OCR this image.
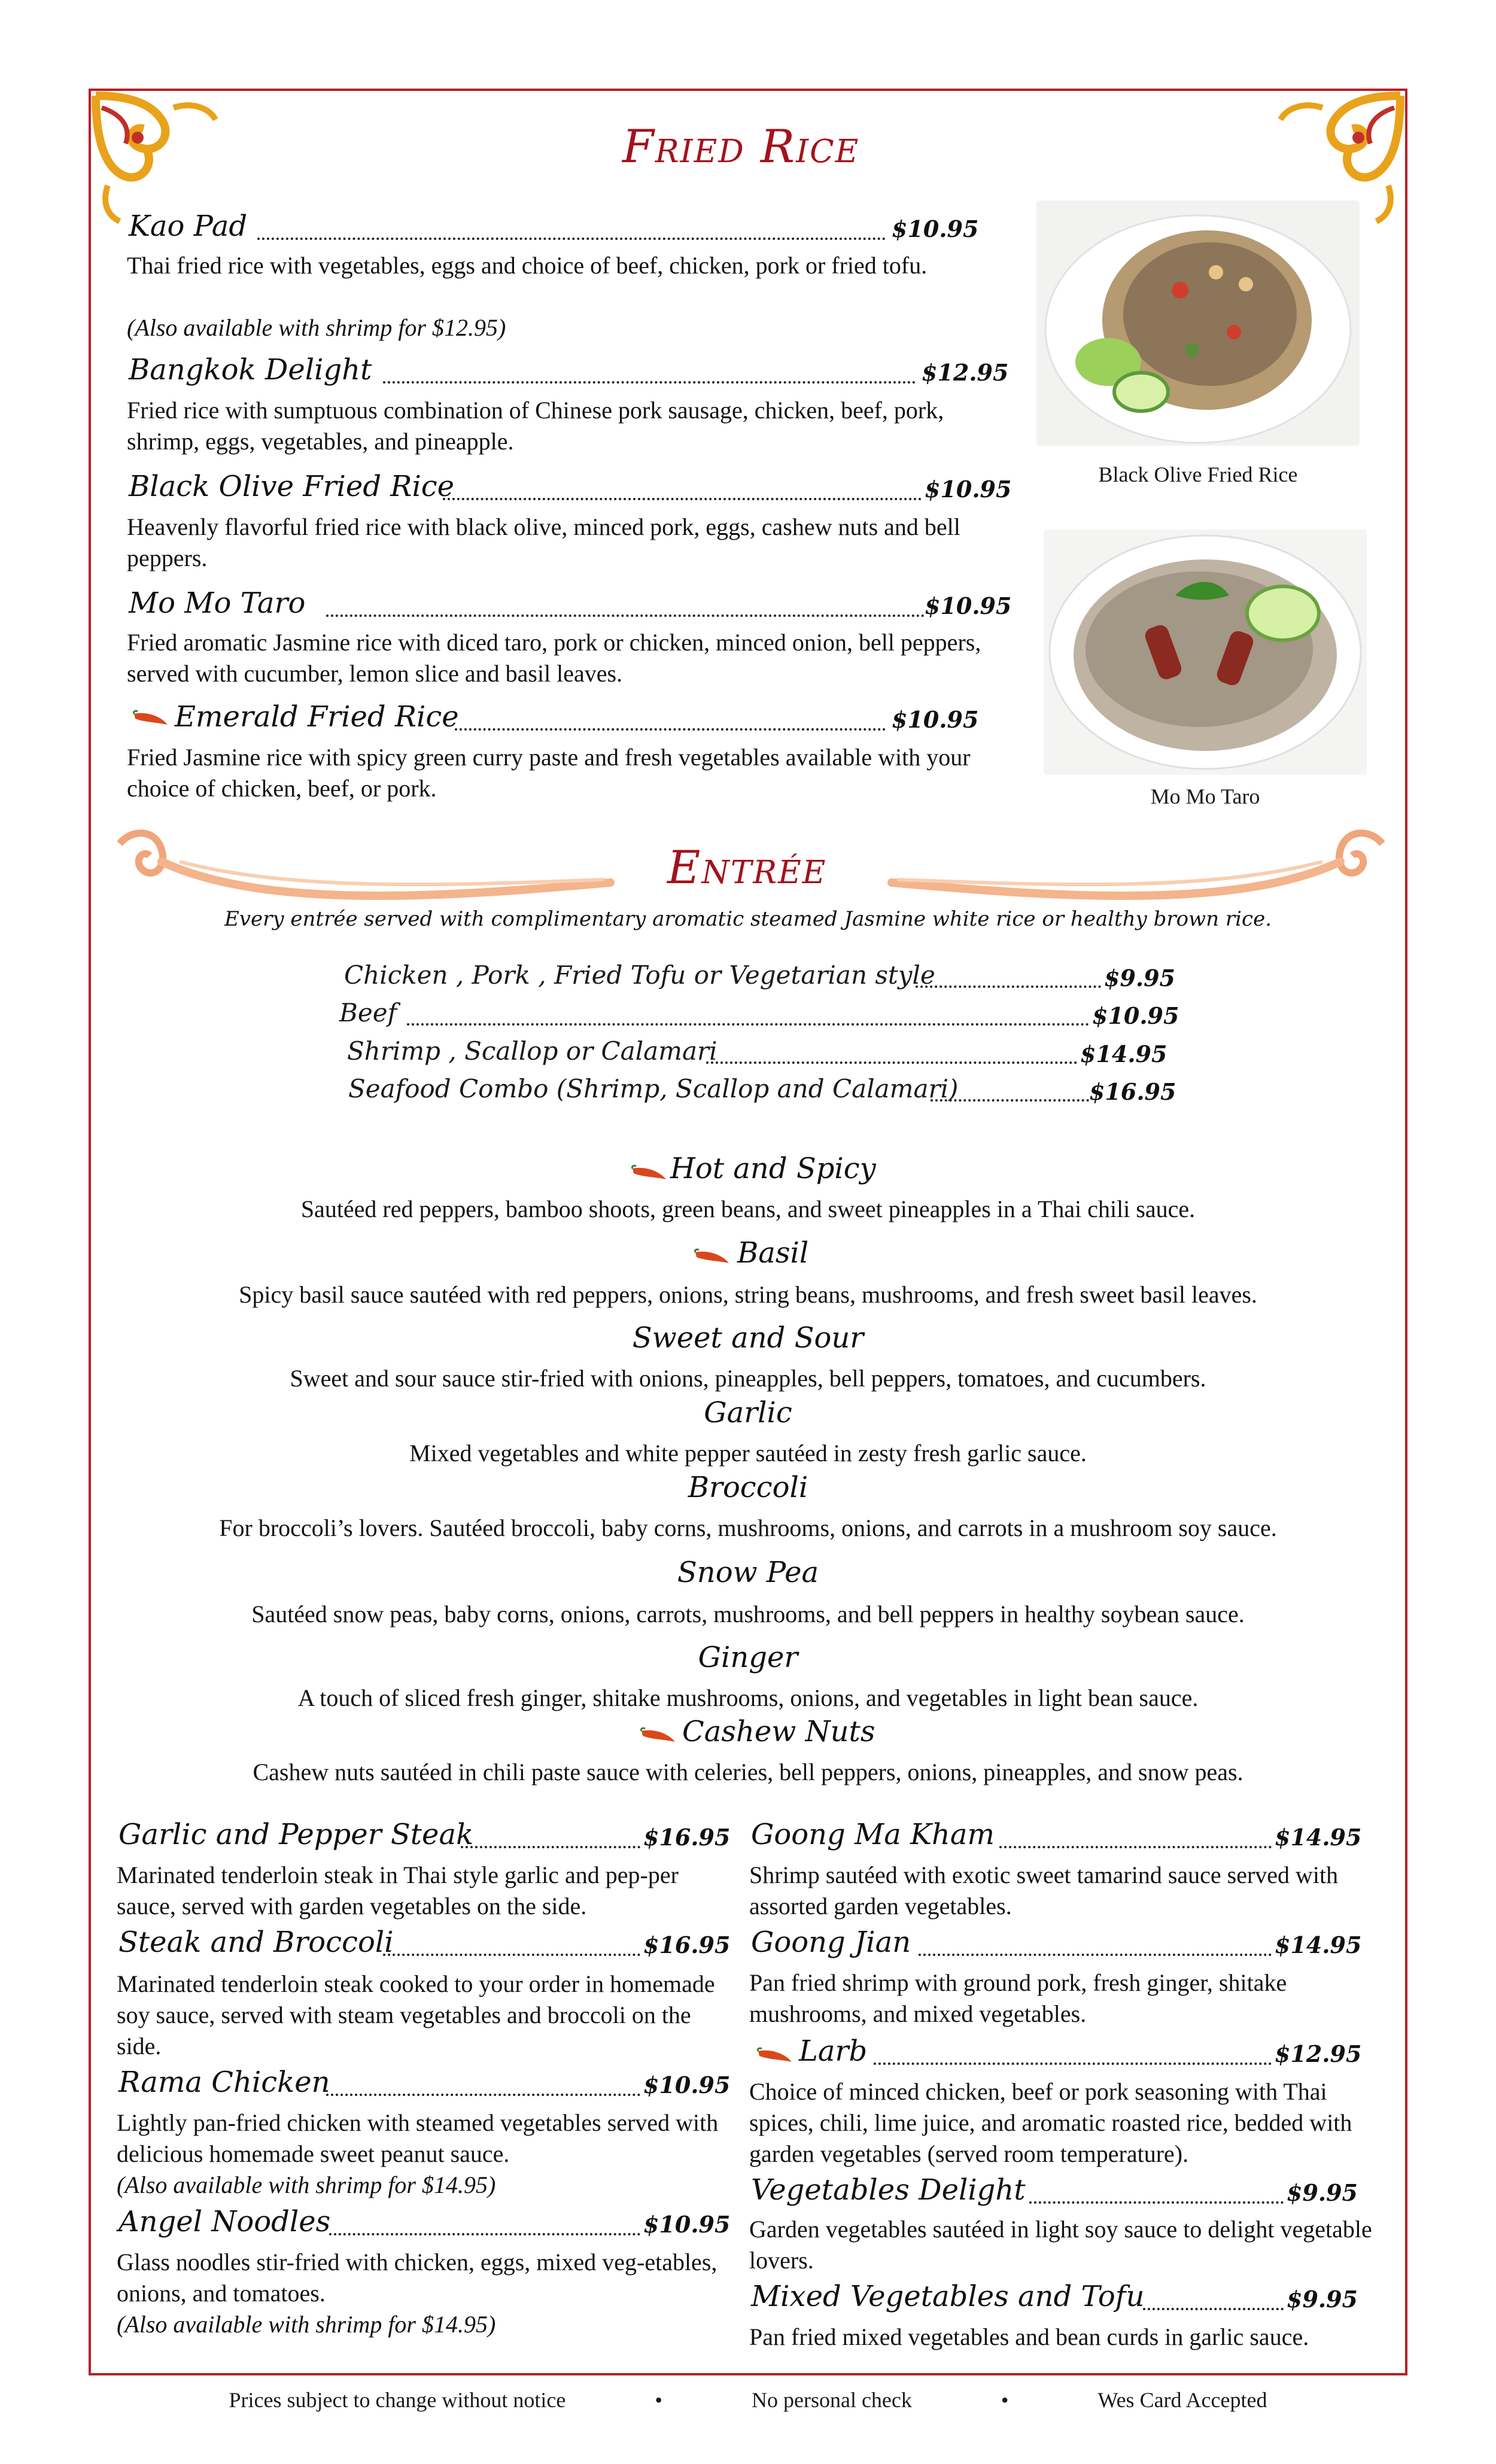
Fried Rice
Kao Pad	$10.95
Thai fried rice with vegetables, eggs and choice of beef, chicken, pork or fried tofu.
(Also available with shrimp for $12.95)
Bangkok Delight	$12.95
Fried rice with sumptuous combination of Chinese pork sausage, chicken, beef, pork, shrimp, eggs, vegetables, and pineapple.
Black Olive Fried Rice	$10.95
Heavenly flavorful fried rice with black olive, minced pork, eggs, cashew nuts and bell peppers.
Mo Mo Taro	$10.95
Fried aromatic Jasmine rice with diced taro, pork or chicken, minced onion, bell peppers, served with cucumber, lemon slice and basil leaves.
Emerald Fried Rice	$10.95
Fried Jasmine rice with spicy green curry paste and fresh vegetables available with your choice of chicken, beef, or pork.
Black Olive Fried Rice
Mo Mo Taro
Entrée
Every entrée served with complimentary aromatic steamed Jasmine white rice or healthy brown rice.
Chicken , Pork , Fried Tofu or Vegetarian style	$9.95
Beef	$10.95
Shrimp , Scallop or Calamari	$14.95
Seafood Combo (Shrimp, Scallop and Calamari)	$16.95
Hot and Spicy
Sautéed red peppers, bamboo shoots, green beans, and sweet pineapples in a Thai chili sauce.
Basil
Spicy basil sauce sautéed with red peppers, onions, string beans, mushrooms, and fresh sweet basil leaves.
Sweet and Sour
Sweet and sour sauce stir-fried with onions, pineapples, bell peppers, tomatoes, and cucumbers.
Garlic
Mixed vegetables and white pepper sautéed in zesty fresh garlic sauce.
Broccoli
For broccoli’s lovers. Sautéed broccoli, baby corns, mushrooms, onions, and carrots in a mushroom soy sauce.
Snow Pea
Sautéed snow peas, baby corns, onions, carrots, mushrooms, and bell peppers in healthy soybean sauce.
Ginger
A touch of sliced fresh ginger, shitake mushrooms, onions, and vegetables in light bean sauce.
Cashew Nuts
Cashew nuts sautéed in chili paste sauce with celeries, bell peppers, onions, pineapples, and snow peas.
Garlic and Pepper Steak	$16.95
Marinated tenderloin steak in Thai style garlic and pep-per sauce, served with garden vegetables on the side.
Steak and Broccoli	$16.95
Marinated tenderloin steak cooked to your order in homemade soy sauce, served with steam vegetables and broccoli on the side.
Rama Chicken	$10.95
Lightly pan-fried chicken with steamed vegetables served with delicious homemade sweet peanut sauce.
(Also available with shrimp for $14.95)
Angel Noodles	$10.95
Glass noodles stir-fried with chicken, eggs, mixed veg-etables, onions, and tomatoes.
(Also available with shrimp for $14.95)
Goong Ma Kham	$14.95
Shrimp sautéed with exotic sweet tamarind sauce served with assorted garden vegetables.
Goong Jian	$14.95
Pan fried shrimp with ground pork, fresh ginger, shitake mushrooms, and mixed vegetables.
Larb	$12.95
Choice of minced chicken, beef or pork seasoning with Thai spices, chili, lime juice, and aromatic roasted rice, bedded with garden vegetables (served room temperature).
Vegetables Delight	$9.95
Garden vegetables sautéed in light soy sauce to delight vegetable lovers.
Mixed Vegetables and Tofu	$9.95
Pan fried mixed vegetables and bean curds in garlic sauce.
Prices subject to change without notice	•	No personal check	•	Wes Card Accepted
